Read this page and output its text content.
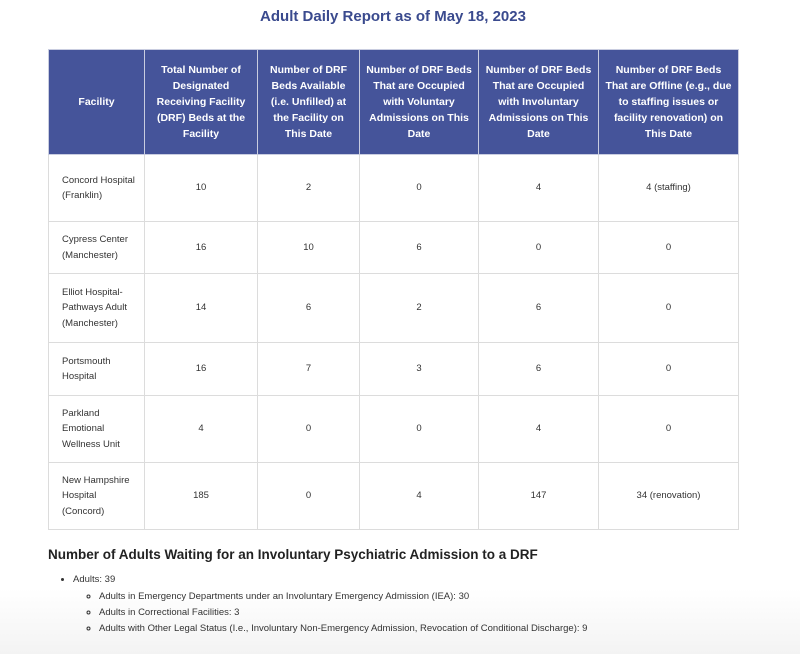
Adult Daily Report as of May 18, 2023
Facility	Total Number of Designated Receiving Facility (DRF) Beds at the Facility	Number of DRF Beds Available (i.e. Unfilled) at the Facility on This Date	Number of DRF Beds That are Occupied with Voluntary Admissions on This Date	Number of DRF Beds That are Occupied with Involuntary Admissions on This Date	Number of DRF Beds That are Offline (e.g., due to staffing issues or facility renovation) on This Date
Concord Hospital (Franklin)	10	2	0	4	4 (staffing)
Cypress Center (Manchester)	16	10	6	0	0
Elliot Hospital-Pathways Adult (Manchester)	14	6	2	6	0
Portsmouth Hospital	16	7	3	6	0
Parkland Emotional Wellness Unit	4	0	0	4	0
New Hampshire Hospital (Concord)	185	0	4	147	34 (renovation)
Number of Adults Waiting for an Involuntary Psychiatric Admission to a DRF
• Adults: 39
◦ Adults in Emergency Departments under an Involuntary Emergency Admission (IEA): 30
◦ Adults in Correctional Facilities: 3
◦ Adults with Other Legal Status (I.e., Involuntary Non-Emergency Admission, Revocation of Conditional Discharge): 9
